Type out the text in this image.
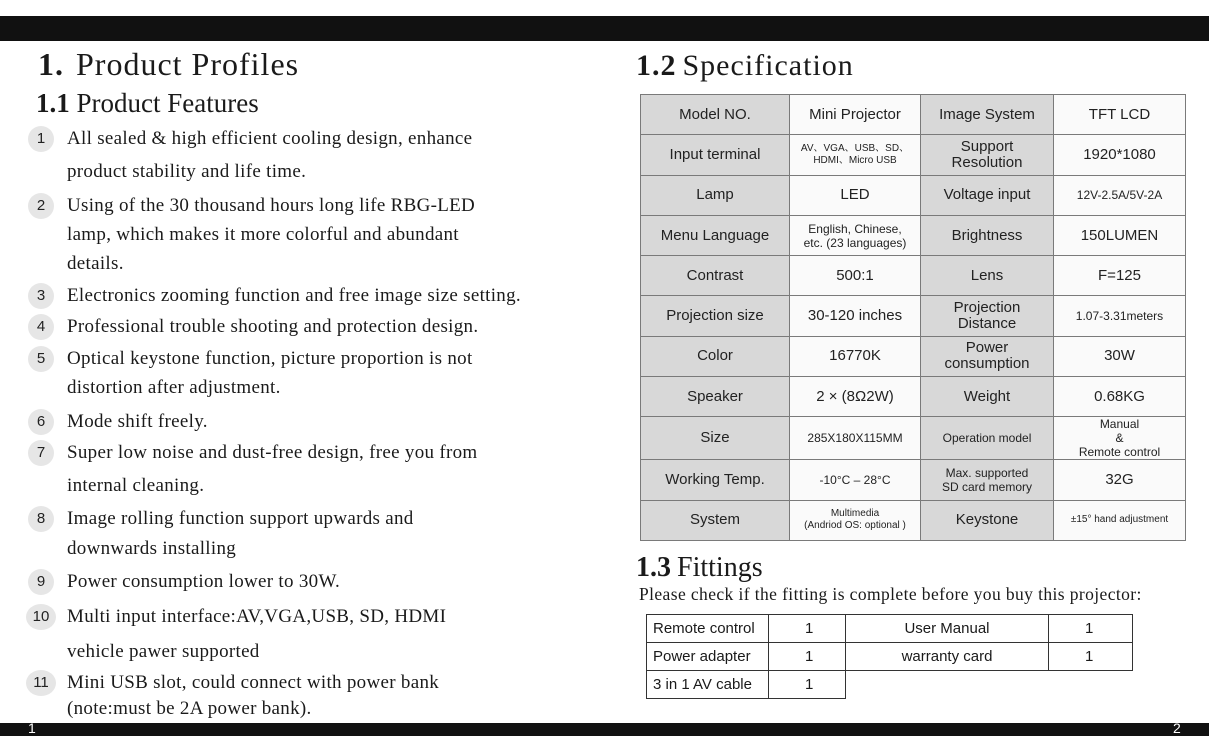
1. Product Profiles
1.1 Product Features
1	All sealed & high efficient cooling design, enhance
product stability and life time.
2	Using of the 30 thousand hours long life RBG-LED
lamp, which makes it more colorful and abundant
details.
3	Electronics zooming function and free image size setting.
4	Professional trouble shooting and protection design.
5	Optical keystone function, picture proportion is not
distortion after adjustment.
6	Mode shift freely.
7	Super low noise and dust-free design, free you from
internal cleaning.
8	Image rolling function support upwards and
downwards installing
9	Power consumption lower to 30W.
10 Multi input interface:AV,VGA,USB, SD, HDMI
vehicle pawer supported
11 Mini USB slot, could connect with power bank
(note:must be 2A power bank).
1.2 Specification
Model NO.	Mini Projector	Image System	TFT LCD
Input terminal	AV、VGA、USB、SD、
HDMI、Micro USB	Support
Resolution	1920*1080
Lamp	LED	Voltage input	12V-2.5A/5V-2A
Menu Language	English, Chinese,
etc. (23 languages)	Brightness	150LUMEN
Contrast	500:1	Lens	F=125
Projection size	30-120 inches	Projection
Distance	1.07-3.31meters
Color	16770K	Power
consumption	30W
Speaker	2 × (8Ω2W)	Weight	0.68KG
Size	285X180X115MM	Operation model	Manual
&
Remote control
Working Temp.	-10°C – 28°C	Max. supported
SD card memory	32G
System	Multimedia
(Andriod OS: optional )	Keystone	±15° hand adjustment
1.3 Fittings
Please check if the fitting is complete before you buy this projector:
Remote control	1	User Manual	1
Power adapter	1	warranty card	1
3 in 1 AV cable	1		
1	2
